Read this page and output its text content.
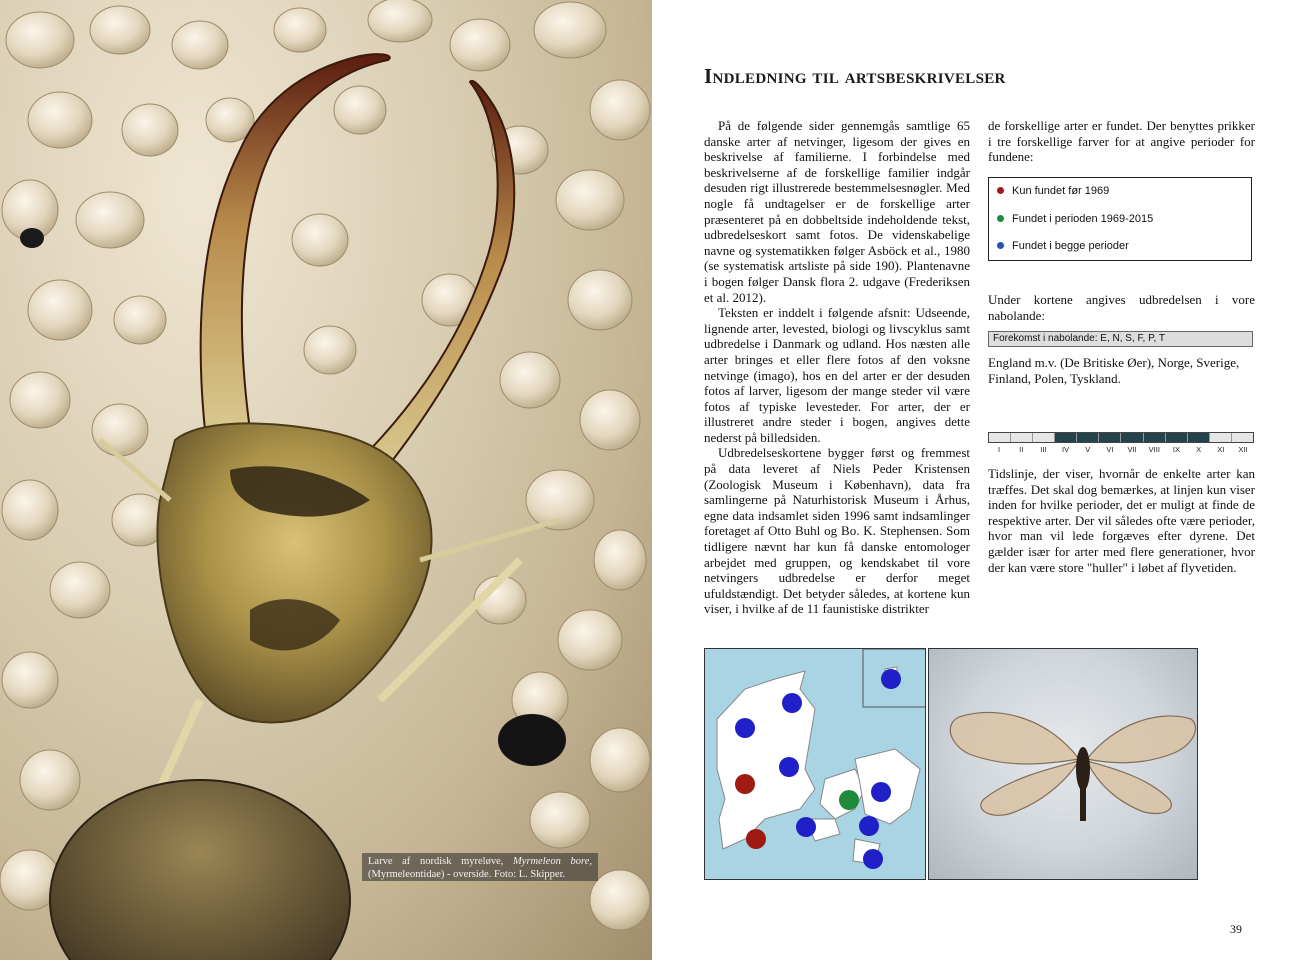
Larve af nordisk myreløve, Myrmeleon bore, (Myrmeleontidae) - overside. Foto: L. Skipper.
Indledning til artsbeskrivelser

På de følgende sider gennemgås samtlige 65 danske arter af netvinger, ligesom der gives en beskrivelse af familierne. I forbindelse med beskrivelserne af de forskellige familier indgår desuden rigt illustrerede bestemmelsesnøgler. Med nogle få undtagelser er de forskellige arter præsenteret på en dobbeltside indeholdende tekst, udbredelseskort samt fotos. De videnskabelige navne og systematikken følger Asböck et al., 1980 (se systematisk artsliste på side 190). Plantenavne i bogen følger Dansk flora 2. udgave (Frederiksen et al. 2012).

Teksten er inddelt i følgende afsnit: Udseende, lignende arter, levested, biologi og livscyklus samt udbredelse i Danmark og udland. Hos næsten alle arter bringes et eller flere fotos af den voksne netvinge (imago), hos en del arter er der desuden fotos af larver, ligesom der mange steder vil være fotos af typiske levesteder. For arter, der er illustreret andre steder i bogen, angives dette nederst på billedsiden.

Udbredelseskortene bygger først og fremmest på data leveret af Niels Peder Kristensen (Zoologisk Museum i København), data fra samlingerne på Naturhistorisk Museum i Århus, egne data indsamlet siden 1996 samt indsamlinger foretaget af Otto Buhl og Bo. K. Stephensen. Som tidligere nævnt har kun få danske entomologer arbejdet med gruppen, og kendskabet til vore netvingers udbredelse er derfor meget ufuldstændigt. Det betyder således, at kortene kun viser, i hvilke af de 11 faunistiske distrikter

de forskellige arter er fundet. Der benyttes prikker i tre forskellige farver for at angive perioder for fundene:

Kun fundet før 1969
Fundet i perioden 1969-2015
Fundet i begge perioder

Under kortene angives udbredelsen i vore nabolande:

Forekomst i nabolande: E, N, S, F, P, T

England m.v. (De Britiske Øer), Norge, Sverige, Finland, Polen, Tyskland.

I	II	III	IV	V	VI	VII	VIII	IX	X	XI	XII

Tidslinje, der viser, hvornår de enkelte arter kan træffes. Det skal dog bemærkes, at linjen kun viser inden for hvilke perioder, det er muligt at finde de respektive arter. Der vil således ofte være perioder, hvor man vil lede forgæves efter dyrene. Det gælder især for arter med flere generationer, hvor der kan være store "huller" i løbet af flyvetiden.

39
